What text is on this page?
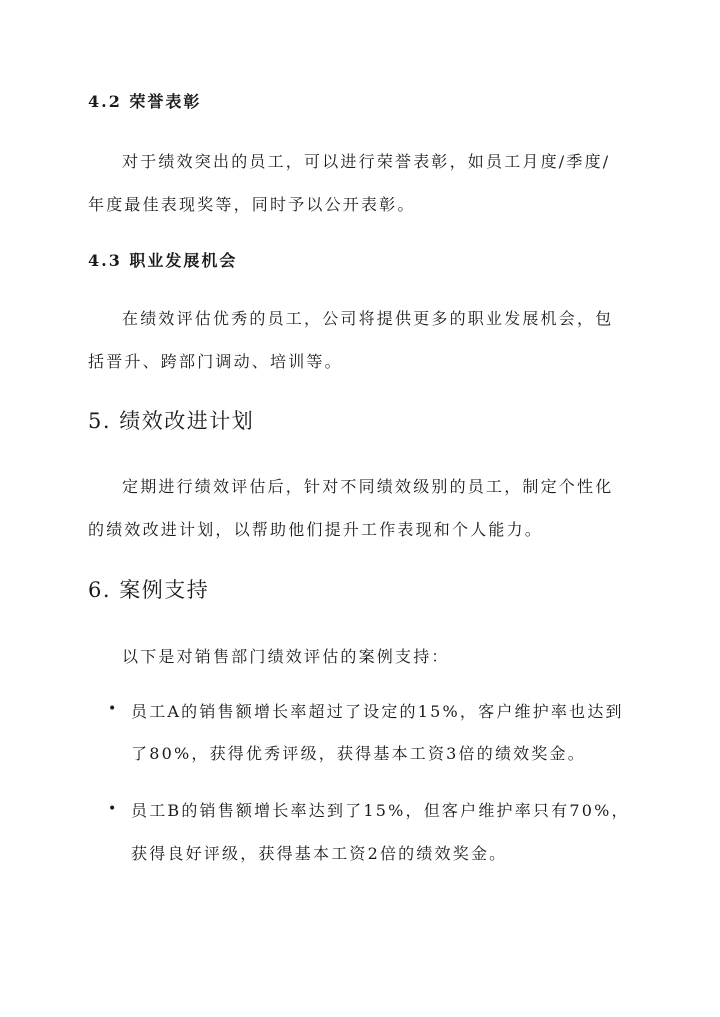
4.2 荣誉表彰
对于绩效突出的员工，可以进行荣誉表彰，如员工月度/季度/
年度最佳表现奖等，同时予以公开表彰。
4.3 职业发展机会
在绩效评估优秀的员工，公司将提供更多的职业发展机会，包
括晋升、跨部门调动、培训等。
5. 绩效改进计划
定期进行绩效评估后，针对不同绩效级别的员工，制定个性化
的绩效改进计划，以帮助他们提升工作表现和个人能力。
6. 案例支持
以下是对销售部门绩效评估的案例支持：
• 员工A的销售额增长率超过了设定的15%，客户维护率也达到
了80%，获得优秀评级，获得基本工资3倍的绩效奖金。
• 员工B的销售额增长率达到了15%，但客户维护率只有70%，
获得良好评级，获得基本工资2倍的绩效奖金。
